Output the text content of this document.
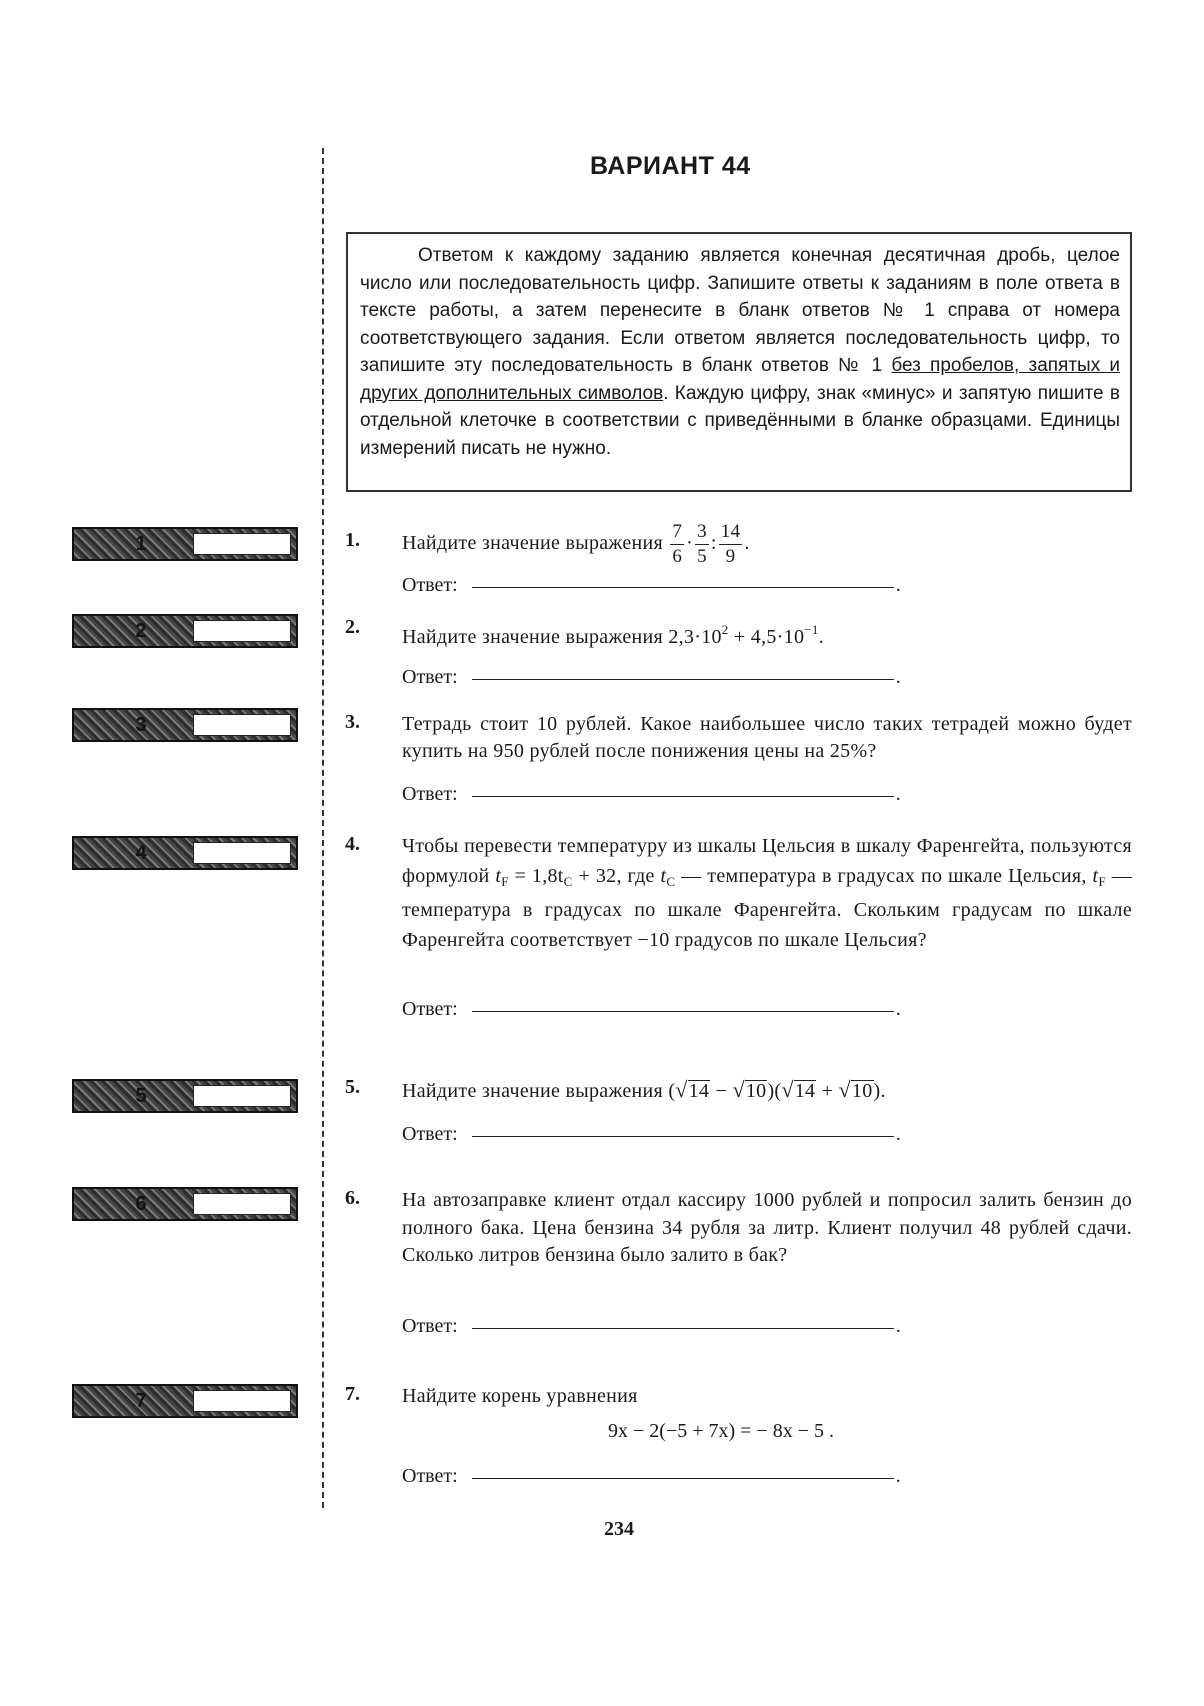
ВАРИАНТ 44

Ответом к каждому заданию является конечная десятичная дробь, целое число или последовательность цифр. Запишите ответы к заданиям в поле ответа в тексте работы, а затем перенесите в бланк ответов № 1 справа от номера соответствующего задания. Если ответом является последовательность цифр, то запишите эту последовательность в бланк ответов № 1 без пробелов, запятых и других дополнительных символов. Каждую цифру, знак «минус» и запятую пишите в отдельной клеточке в соответствии с приведёнными в бланке образцами. Единицы измерений писать не нужно.

1	1. Найдите значение выражения $\frac{7}{6} \cdot \frac{3}{5}$ : $\frac{14}{9}$ .
Ответ:	.
2	2. Найдите значение выражения $2,3\cdot 10^2 + 4,5\cdot 10^{-1}$.
Ответ:	.
3	3. Тетрадь стоит 10 рублей. Какое наибольшее число таких тетрадей можно будет купить на 950 рублей после понижения цены на 25%?
Ответ:	.
4	4. Чтобы перевести температуру из шкалы Цельсия в шкалу Фаренгейта, пользуются формулой $t_F = 1,8t_C + 32$, где $t_C$ — температура в градусах по шкале Цельсия, $t_F$ — температура в градусах по шкале Фаренгейта. Скольким градусам по шкале Фаренгейта соответствует −10 градусов по шкале Цельсия?
Ответ:	.
5	5. Найдите значение выражения (√14 − √10)(√14 + √10).
Ответ:	.
6	6. На автозаправке клиент отдал кассиру 1000 рублей и попросил залить бензин до полного бака. Цена бензина 34 рубля за литр. Клиент получил 48 рублей сдачи. Сколько литров бензина было залито в бак?
Ответ:	.
7	7. Найдите корень уравнения
9x − 2(−5 + 7x) = − 8x − 5 .
Ответ:	.
234
